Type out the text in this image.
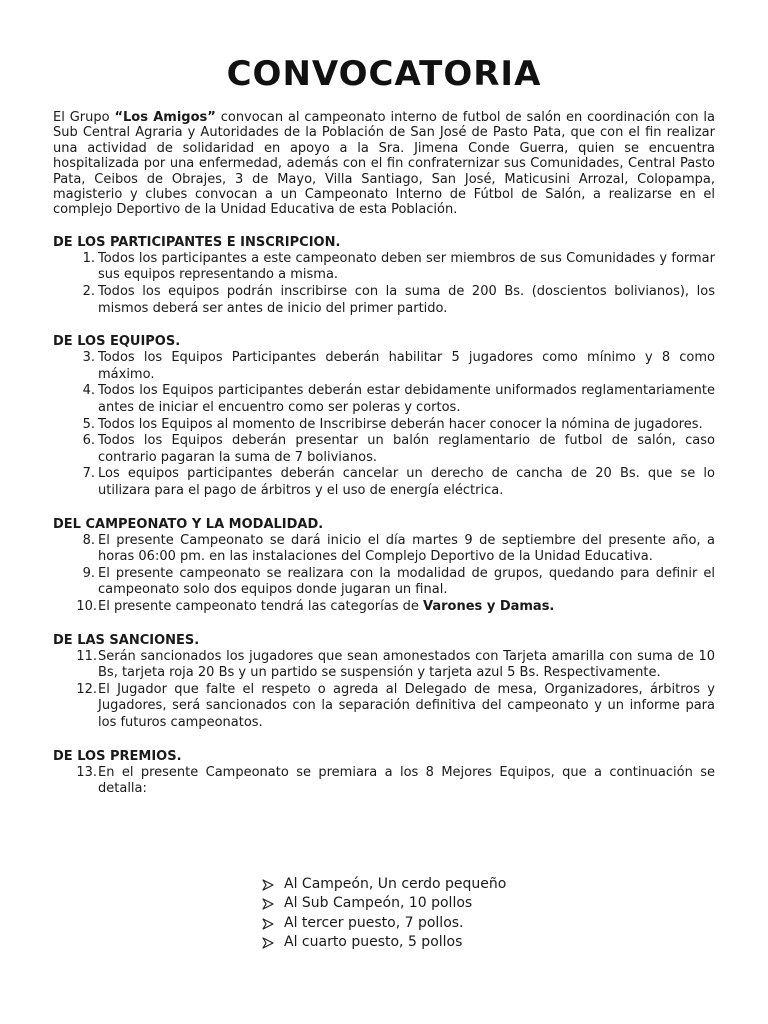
CONVOCATORIA

El Grupo “Los Amigos” convocan al campeonato interno de futbol de salón en coordinación con la Sub Central Agraria y Autoridades de la Población de San José de Pasto Pata, que con el fin realizar una actividad de solidaridad en apoyo a la Sra. Jimena Conde Guerra, quien se encuentra hospitalizada por una enfermedad, además con el fin confraternizar sus Comunidades, Central Pasto Pata, Ceibos de Obrajes, 3 de Mayo, Villa Santiago, San José, Maticusini Arrozal, Colopampa, magisterio y clubes convocan a un Campeonato Interno de Fútbol de Salón, a realizarse en el complejo Deportivo de la Unidad Educativa de esta Población.

DE LOS PARTICIPANTES E INSCRIPCION.

1. Todos los participantes a este campeonato deben ser miembros de sus Comunidades y formar sus equipos representando a misma.
2. Todos los equipos podrán inscribirse con la suma de 200 Bs. (doscientos bolivianos), los mismos deberá ser antes de inicio del primer partido.

DE LOS EQUIPOS.

3. Todos los Equipos Participantes deberán habilitar 5 jugadores como mínimo y 8 como máximo.
4. Todos los Equipos participantes deberán estar debidamente uniformados reglamentariamente antes de iniciar el encuentro como ser poleras y cortos.
5. Todos los Equipos al momento de Inscribirse deberán hacer conocer la nómina de jugadores.
6. Todos los Equipos deberán presentar un balón reglamentario de futbol de salón, caso contrario pagaran la suma de 7 bolivianos.
7. Los equipos participantes deberán cancelar un derecho de cancha de 20 Bs. que se lo utilizara para el pago de árbitros y el uso de energía eléctrica.

DEL CAMPEONATO Y LA MODALIDAD.

8. El presente Campeonato se dará inicio el día martes 9 de septiembre del presente año, a horas 06:00 pm. en las instalaciones del Complejo Deportivo de la Unidad Educativa.
9. El presente campeonato se realizara con la modalidad de grupos, quedando para definir el campeonato solo dos equipos donde jugaran un final.
10. El presente campeonato tendrá las categorías de Varones y Damas.

DE LAS SANCIONES.

11. Serán sancionados los jugadores que sean amonestados con Tarjeta amarilla con suma de 10 Bs, tarjeta roja 20 Bs y un partido se suspensión y tarjeta azul 5 Bs. Respectivamente.
12. El Jugador que falte el respeto o agreda al Delegado de mesa, Organizadores, árbitros y Jugadores, será sancionados con la separación definitiva del campeonato y un informe para los futuros campeonatos.

DE LOS PREMIOS.

13. En el presente Campeonato se premiara a los 8 Mejores Equipos, que a continuación se detalla:
Al Campeón, Un cerdo pequeño
Al Sub Campeón, 10 pollos
Al tercer puesto, 7 pollos.
Al cuarto puesto, 5 pollos
